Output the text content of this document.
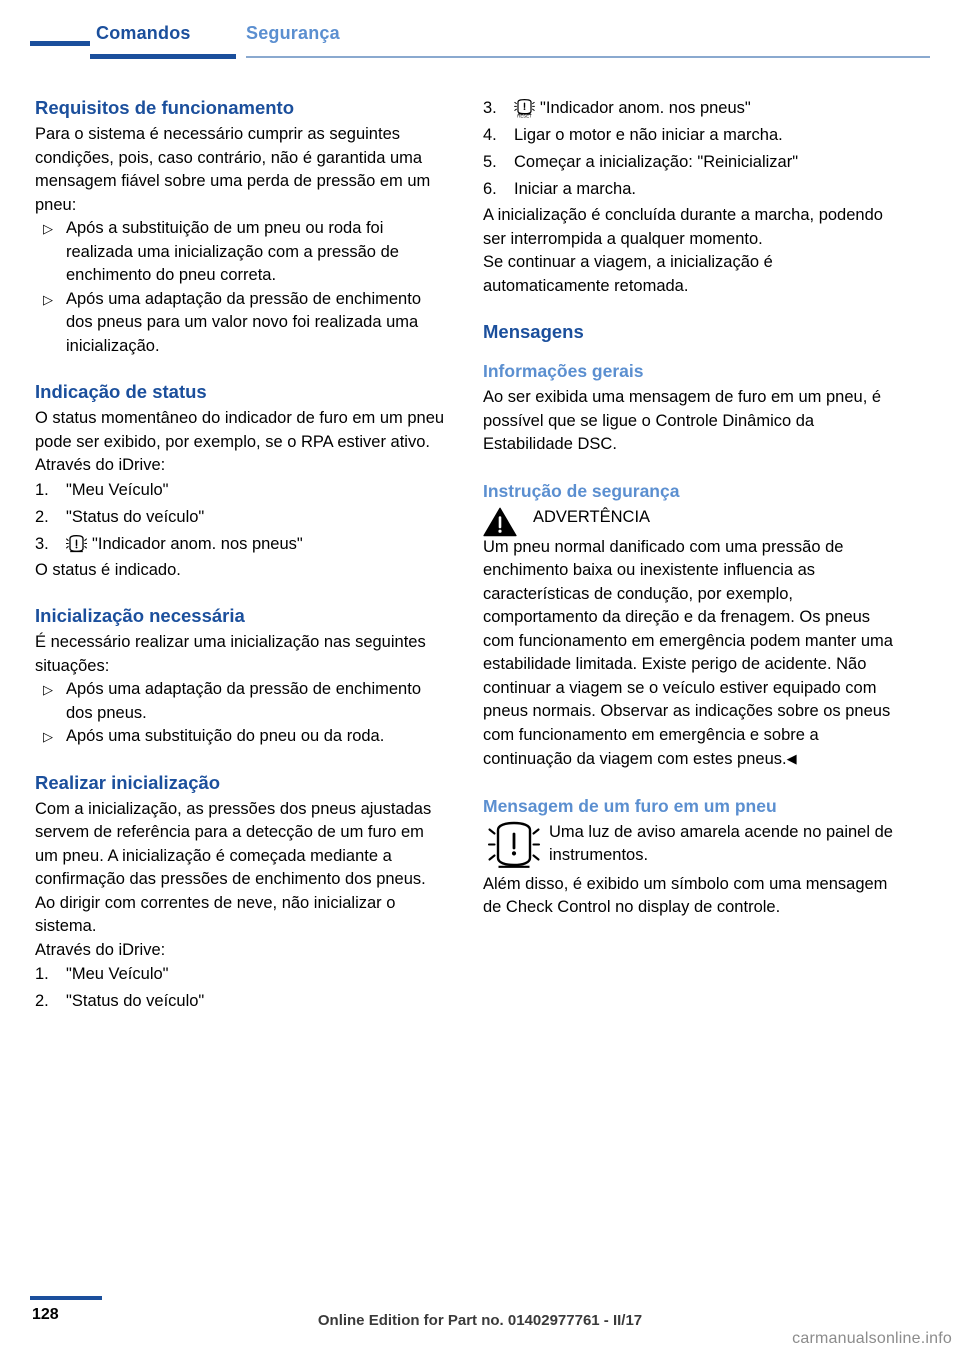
Comandos	Segurança
Requisitos de funcionamento

Para o sistema é necessário cumprir as seguintes condições, pois, caso contrário, não é garantida uma mensagem fiável sobre uma perda de pressão em um pneu:

▷ Após a substituição de um pneu ou roda foi realizada uma inicialização com a pressão de enchimento do pneu correta.
▷ Após uma adaptação da pressão de enchimento dos pneus para um valor novo foi realizada uma inicialização.
Indicação de status

O status momentâneo do indicador de furo em um pneu pode ser exibido, por exemplo, se o RPA estiver ativo.

Através do iDrive:

1.	"Meu Veículo"
2.	"Status do veículo"
3.	"Indicador anom. nos pneus"

O status é indicado.

Inicialização necessária

É necessário realizar uma inicialização nas seguintes situações:

▷ Após uma adaptação da pressão de enchimento dos pneus.
▷ Após uma substituição do pneu ou da roda.
Realizar inicialização

Com a inicialização, as pressões dos pneus ajustadas servem de referência para a detecção de um furo em um pneu. A inicialização é começada mediante a confirmação das pressões de enchimento dos pneus.

Ao dirigir com correntes de neve, não inicializar o sistema.

Através do iDrive:

1.	"Meu Veículo"
2.	"Status do veículo"
3.	RESET "Indicador anom. nos pneus"
4.	Ligar o motor e não iniciar a marcha.
5.	Começar a inicialização: "Reinicializar"
6.	Iniciar a marcha.

A inicialização é concluída durante a marcha, podendo ser interrompida a qualquer momento.

Se continuar a viagem, a inicialização é automaticamente retomada.

Mensagens
Informações gerais

Ao ser exibida uma mensagem de furo em um pneu, é possível que se ligue o Controle Dinâmico da Estabilidade DSC.

Instrução de segurança
ADVERTÊNCIA

Um pneu normal danificado com uma pressão de enchimento baixa ou inexistente influencia as características de condução, por exemplo, comportamento da direção e da frenagem. Os pneus com funcionamento em emergência podem manter uma estabilidade limitada. Existe perigo de acidente. Não continuar a viagem se o veículo estiver equipado com pneus normais. Observar as indicações sobre os pneus com funcionamento em emergência e sobre a continuação da viagem com estes pneus.◀

Mensagem de um furo em um pneu
Uma luz de aviso amarela acende no painel de instrumentos.

Além disso, é exibido um símbolo com uma mensagem de Check Control no display de controle.

128	Online Edition for Part no. 01402977761 - II/17
carmanualsonline.info
